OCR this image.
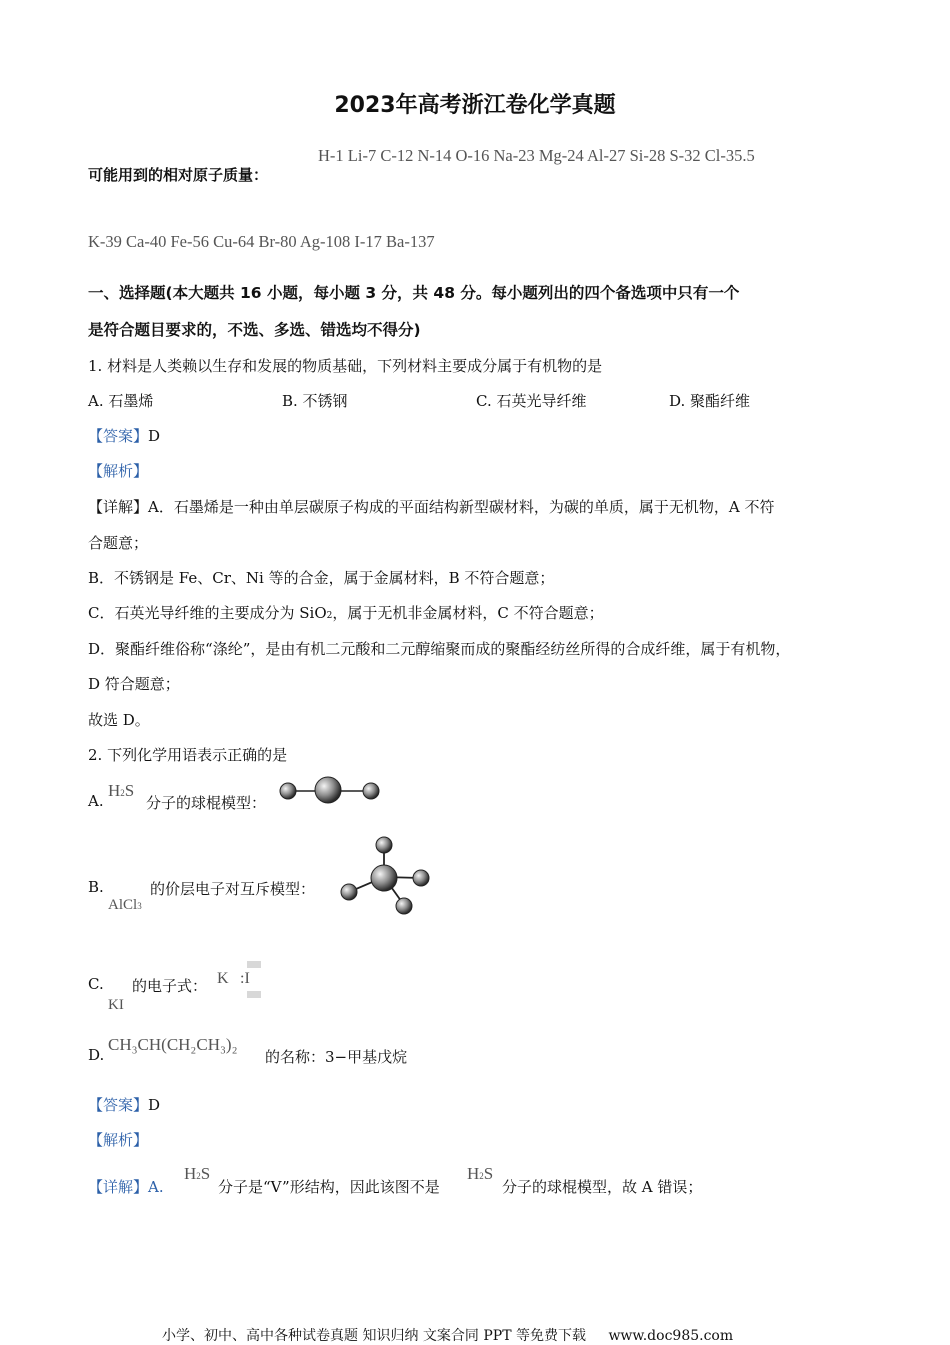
2023年高考浙江卷化学真题
H-1 Li-7 C-12 N-14 O-16 Na-23 Mg-24 Al-27 Si-28 S-32 Cl-35.5
可能用到的相对原子质量：
K-39 Ca-40 Fe-56 Cu-64 Br-80 Ag-108 I-17 Ba-137
一、选择题(本大题共 16 小题，每小题 3 分，共 48 分。每小题列出的四个备选项中只有一个
是符合题目要求的，不选、多选、错选均不得分)
1. 材料是人类赖以生存和发展的物质基础，下列材料主要成分属于有机物的是
A. 石墨烯	B. 不锈钢	C. 石英光导纤维	D. 聚酯纤维
【答案】D
【解析】
【详解】A．石墨烯是一种由单层碳原子构成的平面结构新型碳材料，为碳的单质，属于无机物，A 不符
合题意；
B．不锈钢是 Fe、Cr、Ni 等的合金，属于金属材料，B 不符合题意；
C．石英光导纤维的主要成分为 SiO2，属于无机非金属材料，C 不符合题意；
D．聚酯纤维俗称“涤纶”，是由有机二元酸和二元醇缩聚而成的聚酯经纺丝所得的合成纤维，属于有机物，
D 符合题意；
故选 D。
2. 下列化学用语表示正确的是
A.
H2S
分子的球棍模型：
B.	的价层电子对互斥模型：
AlCl3
C. 的电子式：
KI
K :I
D.
CH₃CH(CH₂CH₃)₂
的名称：3−甲基戊烷
【答案】D
【解析】
【详解】A.
H2S
分子是“V”形结构，因此该图不是
H2S
分子的球棍模型，故 A 错误；
小学、初中、高中各种试卷真题 知识归纳 文案合同 PPT 等免费下载 www.doc985.com
